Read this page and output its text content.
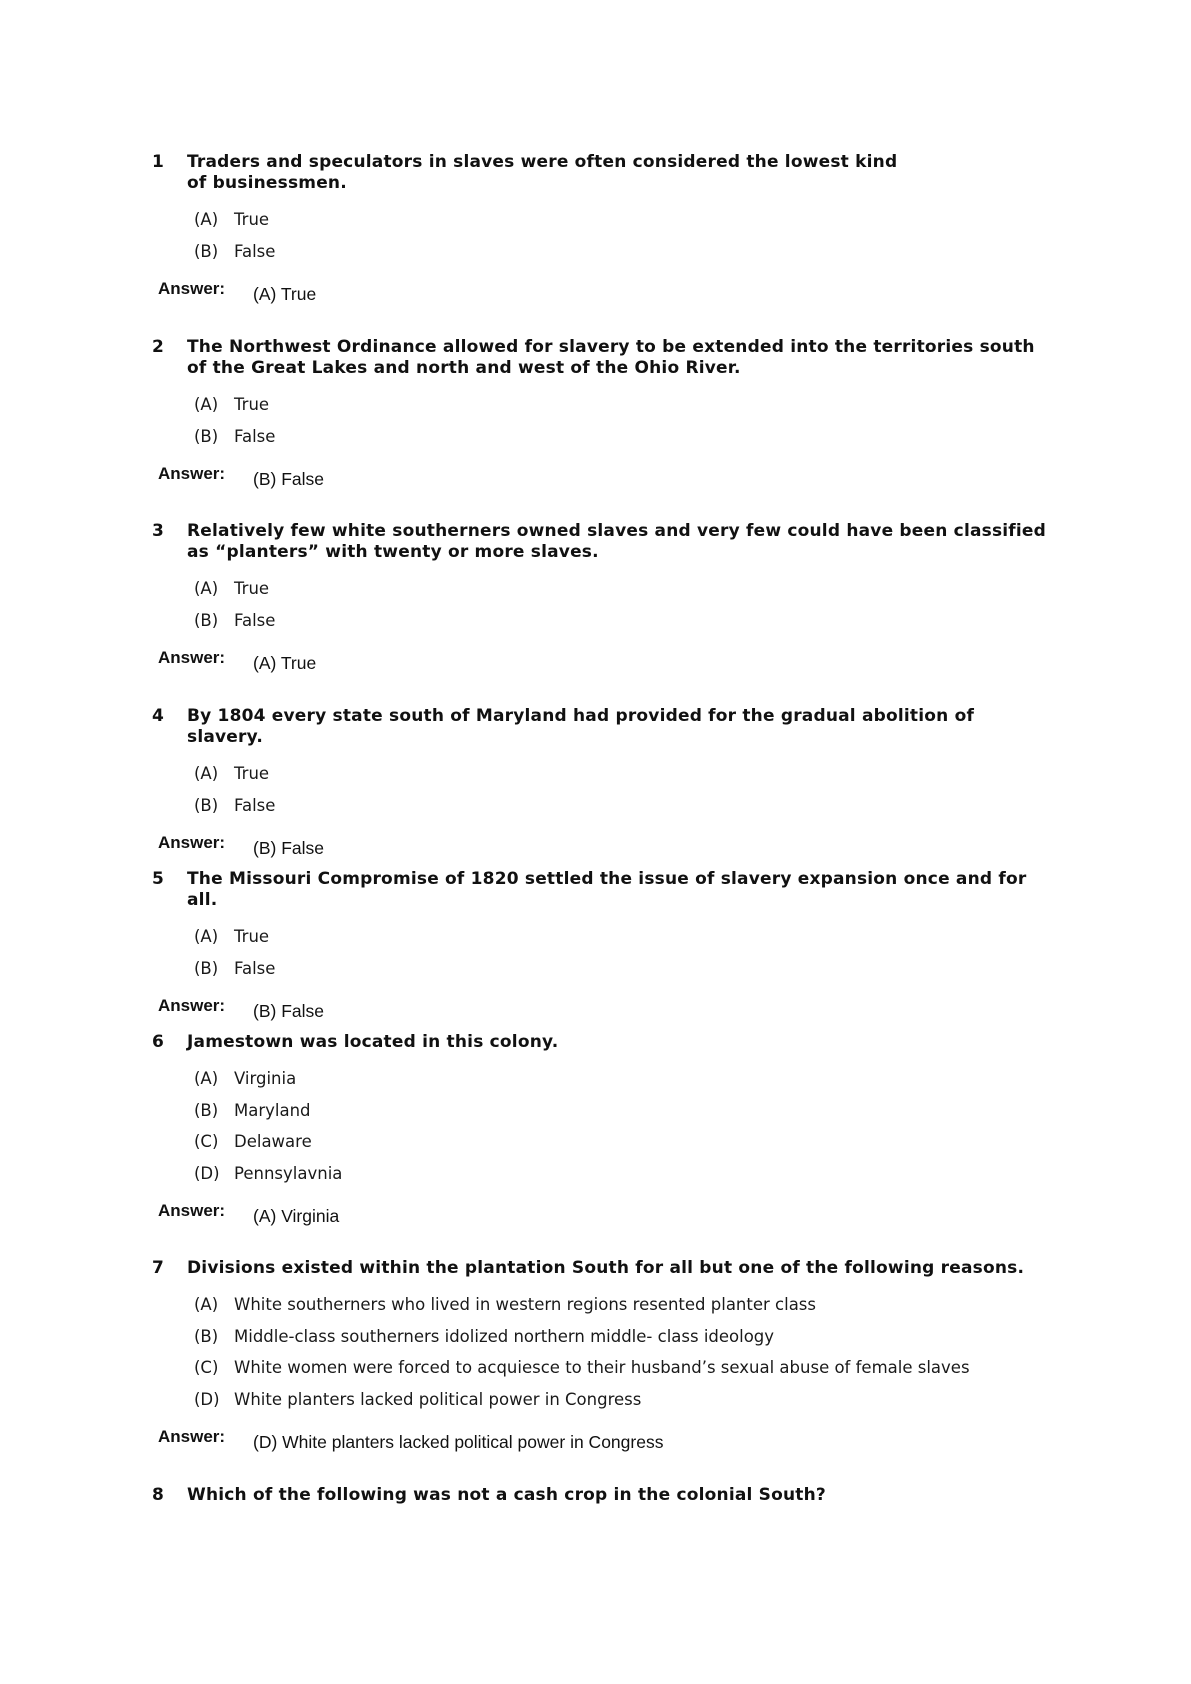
1	Traders and speculators in slaves were often considered the lowest kind of businessmen.
(A) True
(B) False
Answer:	(A) True
2	The Northwest Ordinance allowed for slavery to be extended into the territories south of the Great Lakes and north and west of the Ohio River.
(A) True
(B) False
Answer:	(B) False
3	Relatively few white southerners owned slaves and very few could have been classified as “planters” with twenty or more slaves.
(A) True
(B) False
Answer:	(A) True
4	By 1804 every state south of Maryland had provided for the gradual abolition of slavery.
(A) True
(B) False
Answer:	(B) False
5	The Missouri Compromise of 1820 settled the issue of slavery expansion once and for all.
(A) True
(B) False
Answer:	(B) False
6	Jamestown was located in this colony.
(A) Virginia
(B) Maryland
(C) Delaware
(D) Pennsylavnia
Answer:	(A) Virginia
7	Divisions existed within the plantation South for all but one of the following reasons.
(A) White southerners who lived in western regions resented planter class
(B) Middle-class southerners idolized northern middle- class ideology
(C) White women were forced to acquiesce to their husband’s sexual abuse of female slaves
(D) White planters lacked political power in Congress
Answer:	(D) White planters lacked political power in Congress
8	Which of the following was not a cash crop in the colonial South?
